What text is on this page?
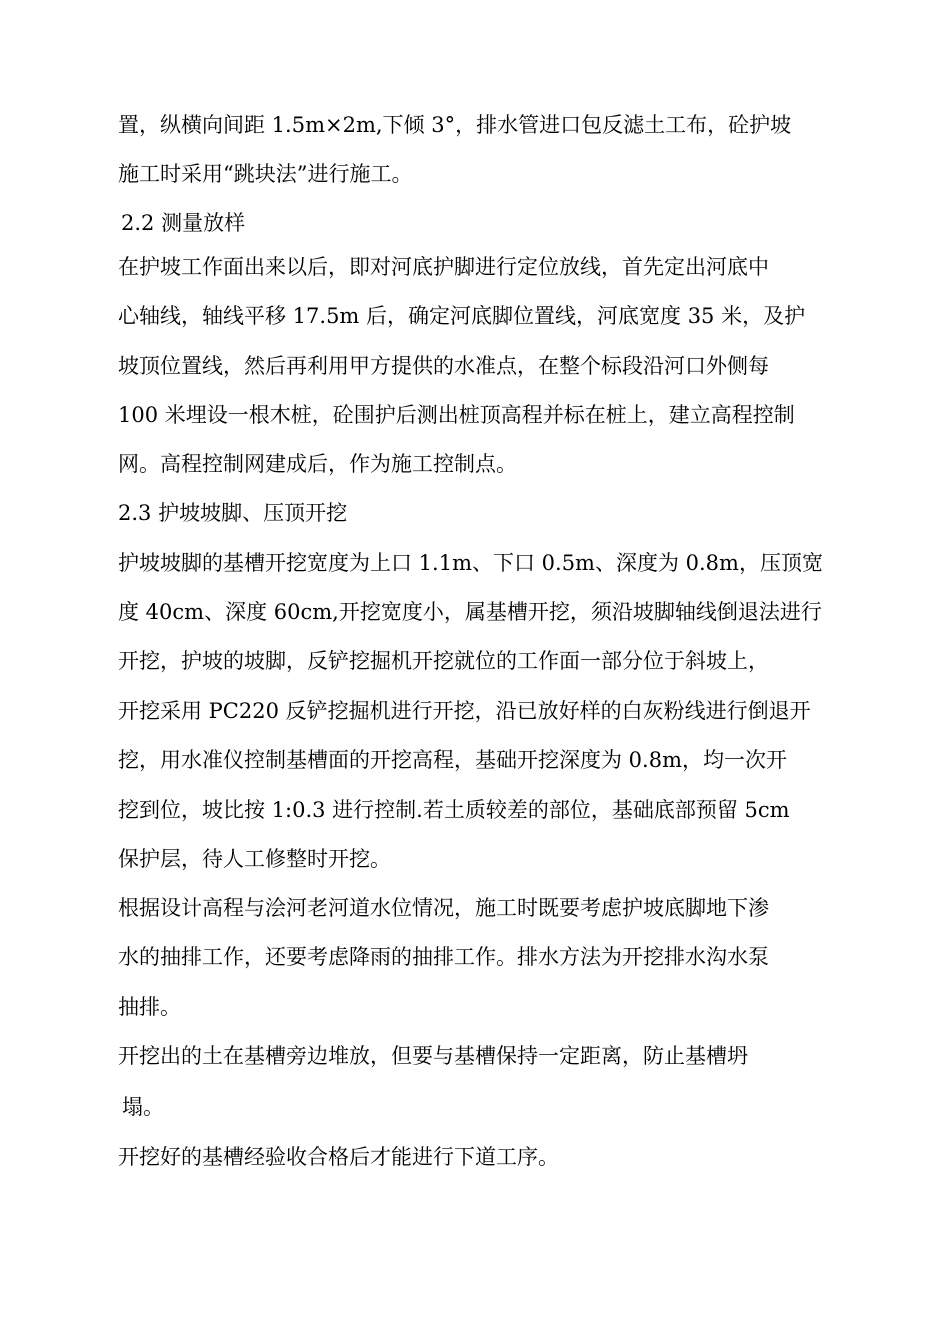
置，纵横向间距 1.5m×2m,下倾 3°，排水管进口包反滤土工布，砼护坡
施工时采用“跳块法”进行施工。
2.2 测量放样
在护坡工作面出来以后，即对河底护脚进行定位放线，首先定出河底中
心轴线，轴线平移 17.5m 后，确定河底脚位置线，河底宽度 35 米，及护
坡顶位置线，然后再利用甲方提供的水准点，在整个标段沿河口外侧每
100 米埋设一根木桩，砼围护后测出桩顶高程并标在桩上，建立高程控制
网。高程控制网建成后，作为施工控制点。
2.3 护坡坡脚、压顶开挖
护坡坡脚的基槽开挖宽度为上口 1.1m、下口 0.5m、深度为 0.8m，压顶宽
度 40cm、深度 60cm,开挖宽度小，属基槽开挖，须沿坡脚轴线倒退法进行
开挖，护坡的坡脚，反铲挖掘机开挖就位的工作面一部分位于斜坡上，
开挖采用 PC220 反铲挖掘机进行开挖，沿已放好样的白灰粉线进行倒退开
挖，用水准仪控制基槽面的开挖高程，基础开挖深度为 0.8m，均一次开
挖到位，坡比按 1:0.3 进行控制.若土质较差的部位，基础底部预留 5cm
保护层，待人工修整时开挖。
根据设计高程与浍河老河道水位情况，施工时既要考虑护坡底脚地下渗
水的抽排工作，还要考虑降雨的抽排工作。排水方法为开挖排水沟水泵
抽排。
开挖出的土在基槽旁边堆放，但要与基槽保持一定距离，防止基槽坍
塌。
开挖好的基槽经验收合格后才能进行下道工序。
